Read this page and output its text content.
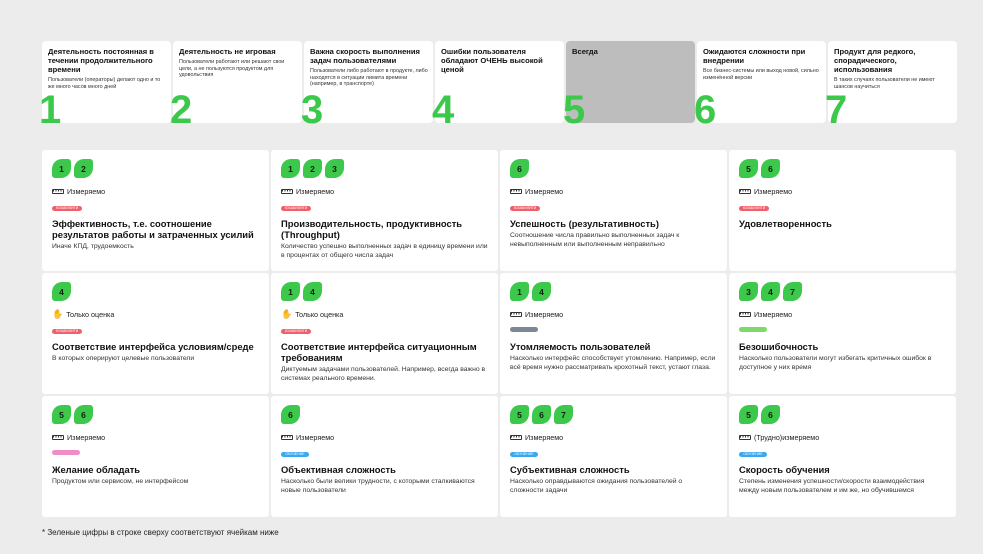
Деятельность постоянная в течении продолжительного времени
Пользователи (операторы) делают одно и то же много часов много дней
1
Деятельность не игровая
Пользователи работают или решают свои цели, а не пользуются продуктом для удовольствия
2
Важна скорость выполнения задач пользователями
Пользователи либо работают в продукте, либо находятся в ситуации лимита времени (например, в транспорте)
3
Ошибки пользователя обладают ОЧЕНЬ высокой ценой
4
Всегда
5
Ожидаются сложности при внедрении
Все бизнес-системы или выход новой, сильно изменённой версии
6
Продукт для редкого, спорадического, использования
В таких случаях пользователи не имеют шансов научиться
7
1	2
Измеряемо
ЮЗАБИЛИТИ
Эффективность, т.е. соотношение результатов работы и затраченных усилий
Иначе КПД, трудоемкость
1	2	3
Измеряемо
ЮЗАБИЛИТИ
Производительность, продуктивность (Throughput)
Количество успешно выполненных задач в единицу времени или в процентах от общего числа задач
6
Измеряемо
ЮЗАБИЛИТИ
Успешность (результативность)
Соотношение числа правильно выполненных задач к невыполненным или выполненным неправильно
5	6
Измеряемо
ЮЗАБИЛИТИ
Удовлетворенность
4
✋ Только оценка
ЮЗАБИЛИТИ
Соответствие интерфейса условиям/среде
В которых оперируют целевые пользователи
1	4
✋ Только оценка
ЮЗАБИЛИТИ
Соответствие интерфейса ситуационным требованиям
Диктуемым задачами пользователей. Например, всегда важно в системах реального времени.
1	4
Измеряемо
Утомляемость пользователей
Насколько интерфейс способствует утомлению. Например, если всё время нужно рассматривать крохотный текст, устают глаза.
3	4	7
Измеряемо
Безошибочность
Насколько пользователи могут избегать критичных ошибок в доступное у них время
5	6
Измеряемо
Желание обладать
Продуктом или сервисом, не интерфейсом
6
Измеряемо
ОБУЧЕНИЕ
Объективная сложность
Насколько были велики трудности, с которыми сталкиваются новые пользователи
5	6	7
Измеряемо
ОБУЧЕНИЕ
Субъективная сложность
Насколько оправдываются ожидания пользователей о сложности задачи
5	6
(Трудно)измеряемо
ОБУЧЕНИЕ
Скорость обучения
Степень изменения успешности/скорости взаимодействия между новым пользователем и им же, но обучившемся
* Зеленые цифры в строке сверху соответствуют ячейкам ниже
